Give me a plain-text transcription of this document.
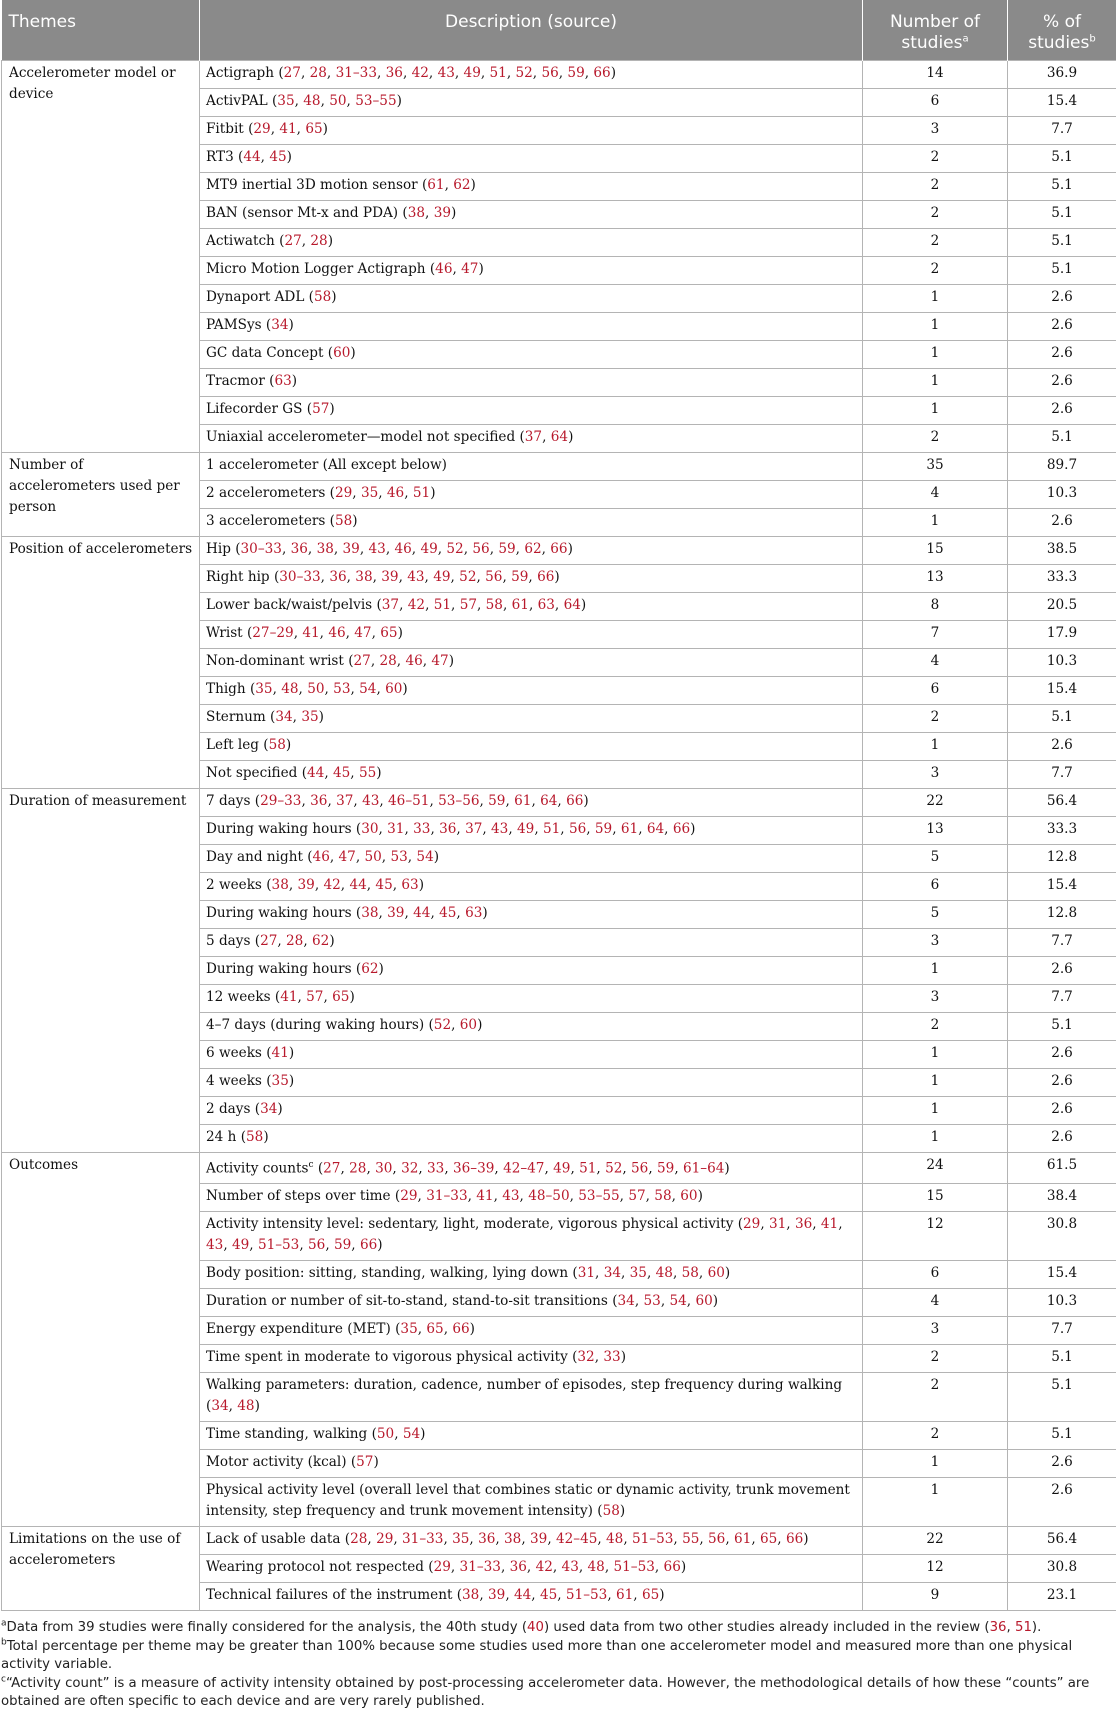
Themes	Description (source)	Number of studies$^a$	% of studies$^b$
Accelerometer model or device	Actigraph (27, 28, 31–33, 36, 42, 43, 49, 51, 52, 56, 59, 66)	14	36.9
	ActivPAL (35, 48, 50, 53–55)	6	15.4
	Fitbit (29, 41, 65)	3	7.7
	RT3 (44, 45)	2	5.1
	MT9 inertial 3D motion sensor (61, 62)	2	5.1
	BAN (sensor Mt-x and PDA) (38, 39)	2	5.1
	Actiwatch (27, 28)	2	5.1
	Micro Motion Logger Actigraph (46, 47)	2	5.1
	Dynaport ADL (58)	1	2.6
	PAMSys (34)	1	2.6
	GC data Concept (60)	1	2.6
	Tracmor (63)	1	2.6
	Lifecorder GS (57)	1	2.6
	Uniaxial accelerometer—model not specified (37, 64)	2	5.1
Number of accelerometers used per person	1 accelerometer (All except below)	35	89.7
	2 accelerometers (29, 35, 46, 51)	4	10.3
	3 accelerometers (58)	1	2.6
Position of accelerometers	Hip (30–33, 36, 38, 39, 43, 46, 49, 52, 56, 59, 62, 66)	15	38.5
	Right hip (30–33, 36, 38, 39, 43, 49, 52, 56, 59, 66)	13	33.3
	Lower back/waist/pelvis (37, 42, 51, 57, 58, 61, 63, 64)	8	20.5
	Wrist (27–29, 41, 46, 47, 65)	7	17.9
	Non-dominant wrist (27, 28, 46, 47)	4	10.3
	Thigh (35, 48, 50, 53, 54, 60)	6	15.4
	Sternum (34, 35)	2	5.1
	Left leg (58)	1	2.6
	Not specified (44, 45, 55)	3	7.7
Duration of measurement	7 days (29–33, 36, 37, 43, 46–51, 53–56, 59, 61, 64, 66)	22	56.4
	During waking hours (30, 31, 33, 36, 37, 43, 49, 51, 56, 59, 61, 64, 66)	13	33.3
	Day and night (46, 47, 50, 53, 54)	5	12.8
	2 weeks (38, 39, 42, 44, 45, 63)	6	15.4
	During waking hours (38, 39, 44, 45, 63)	5	12.8
	5 days (27, 28, 62)	3	7.7
	During waking hours (62)	1	2.6
	12 weeks (41, 57, 65)	3	7.7
	4–7 days (during waking hours) (52, 60)	2	5.1
	6 weeks (41)	1	2.6
	4 weeks (35)	1	2.6
	2 days (34)	1	2.6
	24 h (58)	1	2.6
Outcomes	Activity counts$^c$ (27, 28, 30, 32, 33, 36–39, 42–47, 49, 51, 52, 56, 59, 61–64)	24	61.5
	Number of steps over time (29, 31–33, 41, 43, 48–50, 53–55, 57, 58, 60)	15	38.4
	Activity intensity level: sedentary, light, moderate, vigorous physical activity (29, 31, 36, 41, 43, 49, 51–53, 56, 59, 66)	12	30.8
	Body position: sitting, standing, walking, lying down (31, 34, 35, 48, 58, 60)	6	15.4
	Duration or number of sit-to-stand, stand-to-sit transitions (34, 53, 54, 60)	4	10.3
	Energy expenditure (MET) (35, 65, 66)	3	7.7
	Time spent in moderate to vigorous physical activity (32, 33)	2	5.1
	Walking parameters: duration, cadence, number of episodes, step frequency during walking (34, 48)	2	5.1
	Time standing, walking (50, 54)	2	5.1
	Motor activity (kcal) (57)	1	2.6
	Physical activity level (overall level that combines static or dynamic activity, trunk movement intensity, step frequency and trunk movement intensity) (58)	1	2.6
Limitations on the use of accelerometers	Lack of usable data (28, 29, 31–33, 35, 36, 38, 39, 42–45, 48, 51–53, 55, 56, 61, 65, 66)	22	56.4
	Wearing protocol not respected (29, 31–33, 36, 42, 43, 48, 51–53, 66)	12	30.8
	Technical failures of the instrument (38, 39, 44, 45, 51–53, 61, 65)	9	23.1

$^a$Data from 39 studies were finally considered for the analysis, the 40th study (40) used data from two other studies already included in the review (36, 51).

$^b$Total percentage per theme may be greater than 100% because some studies used more than one accelerometer model and measured more than one physical activity variable.

$^c$“Activity count” is a measure of activity intensity obtained by post-processing accelerometer data. However, the methodological details of how these “counts” are obtained are often specific to each device and are very rarely published.
